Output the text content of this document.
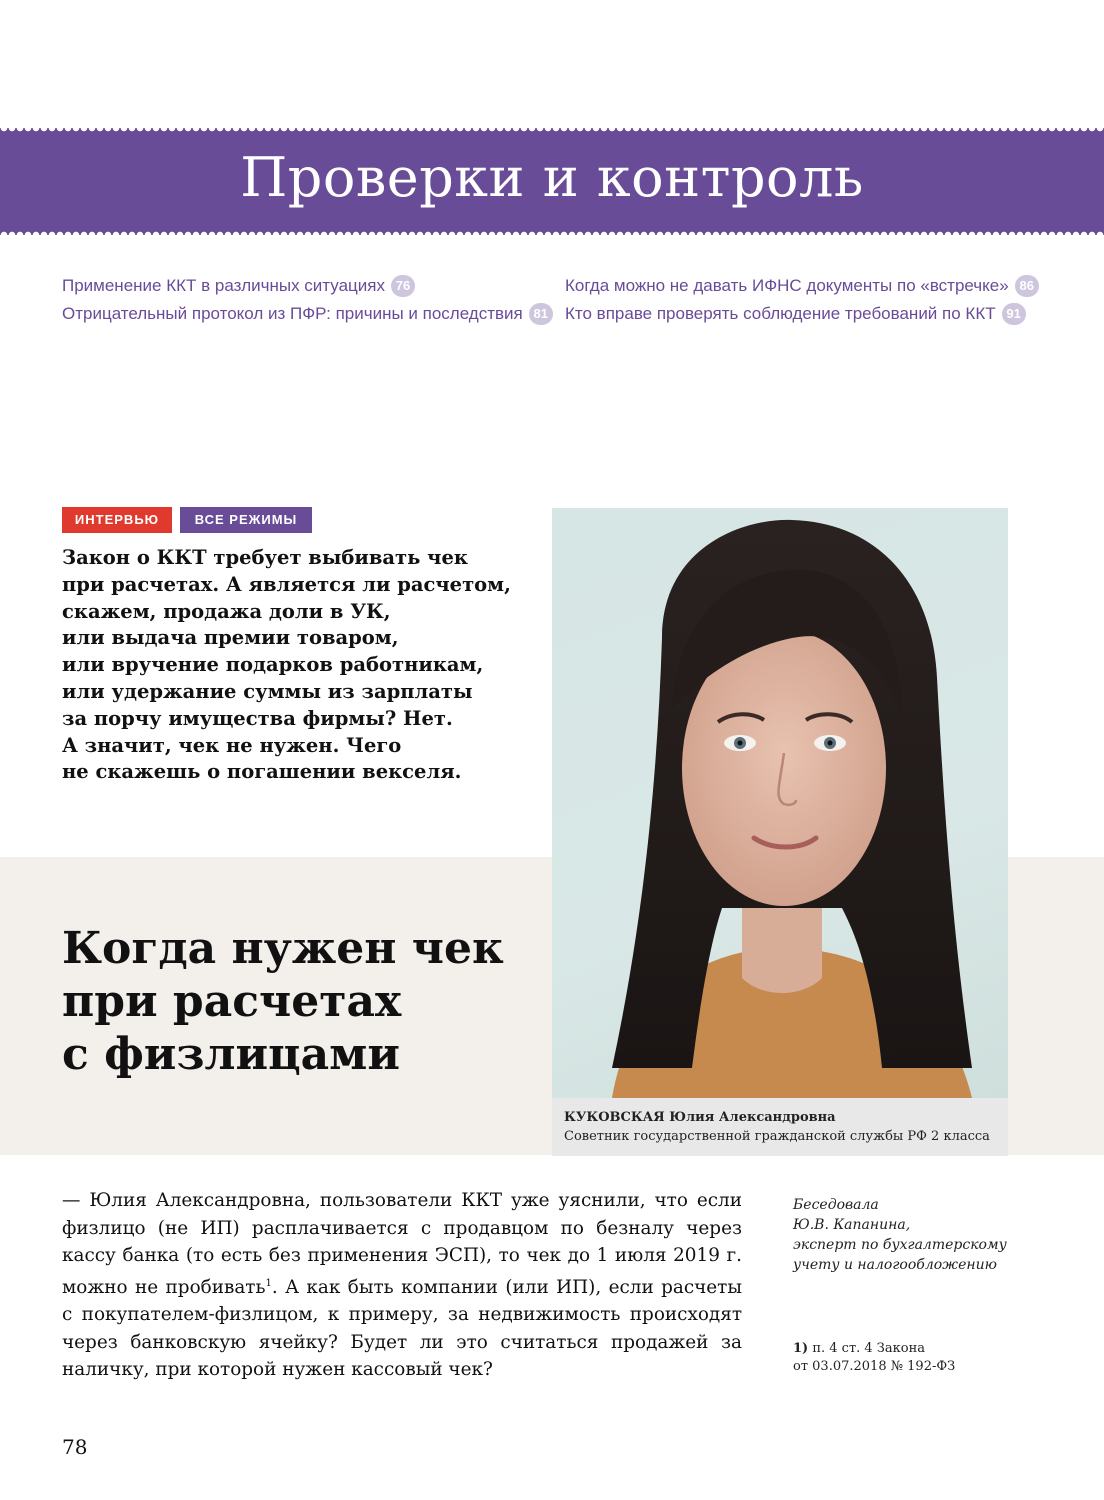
Проверки и контроль
Применение ККТ в различных ситуациях 76
Отрицательный протокол из ПФР: причины и последствия 81
Когда можно не давать ИФНС документы по «встречке» 86
Кто вправе проверять соблюдение требований по ККТ 91
ИНТЕРВЬЮ	ВСЕ РЕЖИМЫ
Закон о ККТ требует выбивать чек
при расчетах. А является ли расчетом,
скажем, продажа доли в УК,
или выдача премии товаром,
или вручение подарков работникам,
или удержание суммы из зарплаты
за порчу имущества фирмы? Нет.
А значит, чек не нужен. Чего
не скажешь о погашении векселя.
Когда нужен чек
при расчетах
с физлицами
КУКОВСКАЯ Юлия Александровна
Советник государственной гражданской службы РФ 2 класса
— Юлия Александровна, пользователи ККТ уже уяснили, что если физлицо (не ИП) расплачивается с продавцом по безналу через кассу банка (то есть без применения ЭСП), то чек до 1 июля 2019 г. можно не пробивать$^1$. А как быть компании (или ИП), если расчеты с покупателем-физлицом, к примеру, за недвижимость происходят через банковскую ячейку? Будет ли это считаться продажей за наличку, при которой нужен кассовый чек?
Беседовала
Ю.В. Капанина,
эксперт по бухгалтерскому
учету и налогообложению
1) п. 4 ст. 4 Закона
от 03.07.2018 № 192-ФЗ
78
